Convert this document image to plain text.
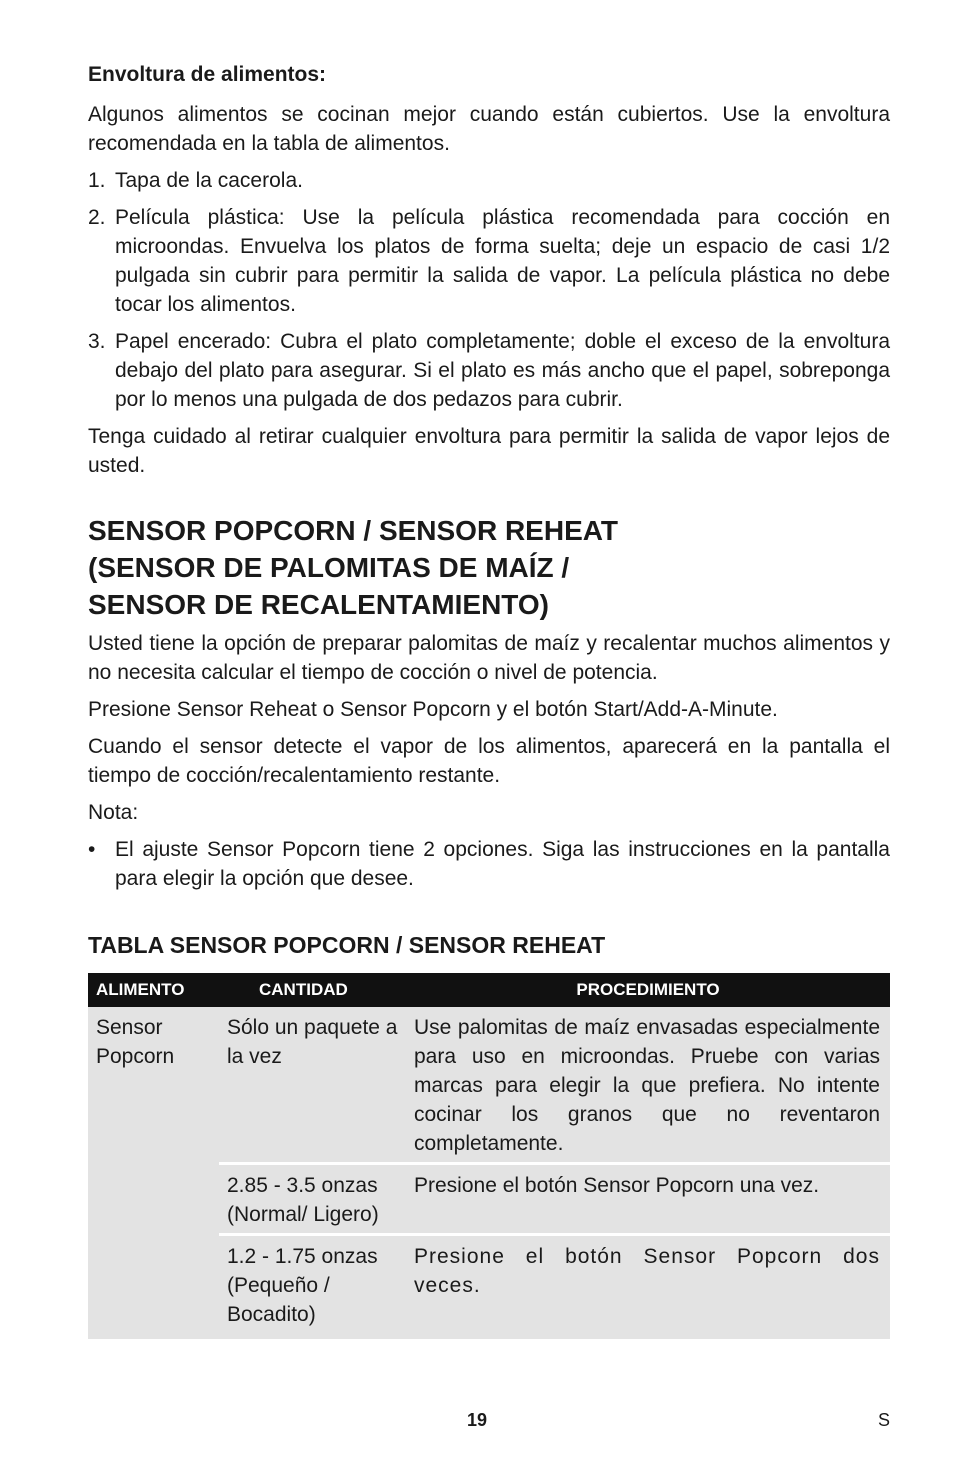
Envoltura de alimentos:

Algunos alimentos se cocinan mejor cuando están cubiertos. Use la envoltura recomendada en la tabla de alimentos.

1. Tapa de la cacerola.
2. Película plástica: Use la película plástica recomendada para cocción en microondas. Envuelva los platos de forma suelta; deje un espacio de casi 1/2 pulgada sin cubrir para permitir la salida de vapor. La película plástica no debe tocar los alimentos.
3. Papel encerado: Cubra el plato completamente; doble el exceso de la envoltura debajo del plato para asegurar. Si el plato es más ancho que el papel, sobreponga por lo menos una pulgada de dos pedazos para cubrir.

Tenga cuidado al retirar cualquier envoltura para permitir la salida de vapor lejos de usted.

SENSOR POPCORN / SENSOR REHEAT
(SENSOR DE PALOMITAS DE MAÍZ /
SENSOR DE RECALENTAMIENTO)

Usted tiene la opción de preparar palomitas de maíz y recalentar muchos alimentos y no necesita calcular el tiempo de cocción o nivel de potencia.

Presione Sensor Reheat o Sensor Popcorn y el botón Start/Add-A-Minute.

Cuando el sensor detecte el vapor de los alimentos, aparecerá en la pantalla el tiempo de cocción/recalentamiento restante.

Nota:

• El ajuste Sensor Popcorn tiene 2 opciones. Siga las instrucciones en la pantalla para elegir la opción que desee.
TABLA SENSOR POPCORN / SENSOR REHEAT
ALIMENTO	CANTIDAD	PROCEDIMIENTO
Sensor Popcorn	Sólo un paquete a la vez	Use palomitas de maíz envasadas especialmente para uso en microondas. Pruebe con varias marcas para elegir la que prefiera. No intente cocinar los granos que no reventaron completamente.
	2.85 - 3.5 onzas (Normal/ Ligero)	Presione el botón Sensor Popcorn una vez.
	1.2 - 1.75 onzas (Pequeño / Bocadito)	Presione el botón Sensor Popcorn dos veces.
19	S
